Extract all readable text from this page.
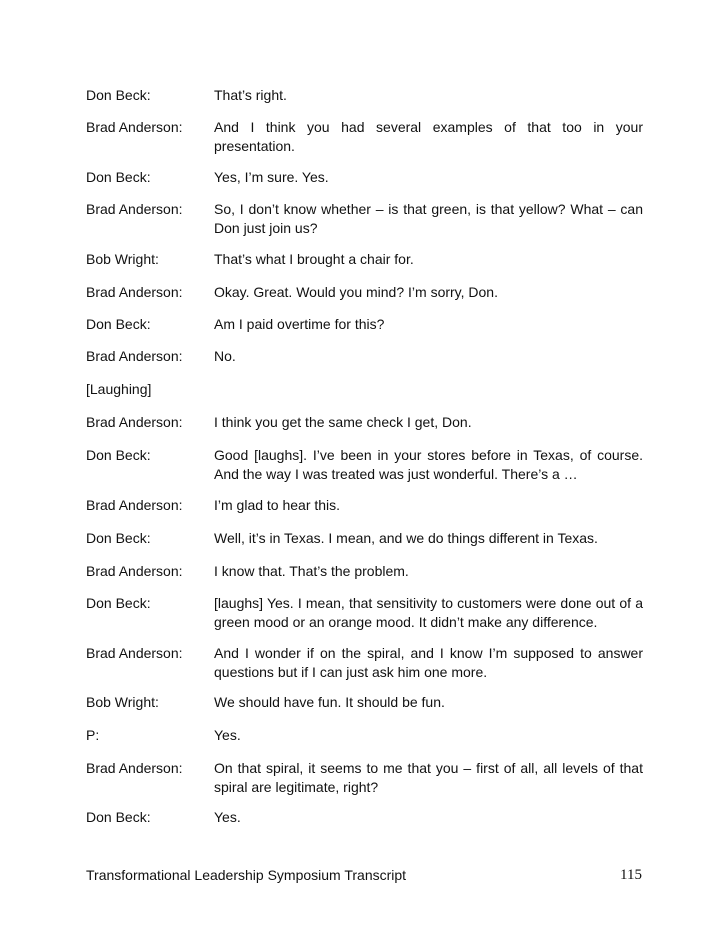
Don Beck:	That’s right.
Brad Anderson:	And I think you had several examples of that too in your presentation.
Don Beck:	Yes, I’m sure. Yes.
Brad Anderson:	So, I don’t know whether – is that green, is that yellow? What – can Don just join us?
Bob Wright:	That’s what I brought a chair for.
Brad Anderson:	Okay. Great. Would you mind? I’m sorry, Don.
Don Beck:	Am I paid overtime for this?
Brad Anderson:	No.
[Laughing]
Brad Anderson:	I think you get the same check I get, Don.
Don Beck:	Good [laughs]. I’ve been in your stores before in Texas, of course. And the way I was treated was just wonderful. There’s a …
Brad Anderson:	I’m glad to hear this.
Don Beck:	Well, it’s in Texas. I mean, and we do things different in Texas.
Brad Anderson:	I know that. That’s the problem.
Don Beck:	[laughs] Yes. I mean, that sensitivity to customers were done out of a green mood or an orange mood. It didn’t make any difference.
Brad Anderson:	And I wonder if on the spiral, and I know I’m supposed to answer questions but if I can just ask him one more.
Bob Wright:	We should have fun. It should be fun.
P:	Yes.
Brad Anderson:	On that spiral, it seems to me that you – first of all, all levels of that spiral are legitimate, right?
Don Beck:	Yes.
Transformational Leadership Symposium Transcript	115
